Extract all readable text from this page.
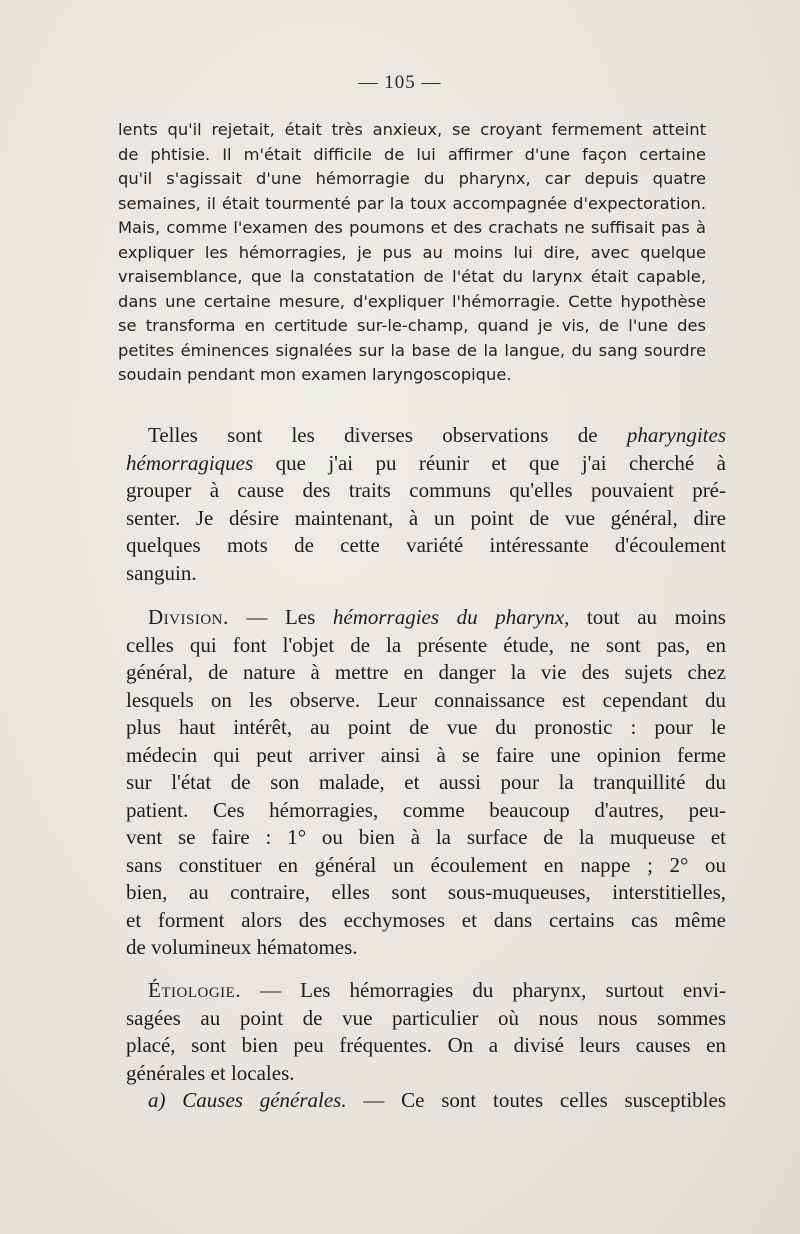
— 105 —
lents qu'il rejetait, était très anxieux, se croyant fermement atteint
de phtisie. Il m'était difficile de lui affirmer d'une façon certaine
qu'il s'agissait d'une hémorragie du pharynx, car depuis quatre
semaines, il était tourmenté par la toux accompagnée d'expectoration.
Mais, comme l'examen des poumons et des crachats ne suffisait pas à
expliquer les hémorragies, je pus au moins lui dire, avec quelque
vraisemblance, que la constatation de l'état du larynx était capable,
dans une certaine mesure, d'expliquer l'hémorragie. Cette hypothèse
se transforma en certitude sur-le-champ, quand je vis, de l'une des
petites éminences signalées sur la base de la langue, du sang sourdre
soudain pendant mon examen laryngoscopique.
Telles sont les diverses observations de pharyngites
hémorragiques que j'ai pu réunir et que j'ai cherché à
grouper à cause des traits communs qu'elles pouvaient pré-
senter. Je désire maintenant, à un point de vue général, dire
quelques mots de cette variété intéressante d'écoulement
sanguin.
Division. — Les hémorragies du pharynx, tout au moins
celles qui font l'objet de la présente étude, ne sont pas, en
général, de nature à mettre en danger la vie des sujets chez
lesquels on les observe. Leur connaissance est cependant du
plus haut intérêt, au point de vue du pronostic : pour le
médecin qui peut arriver ainsi à se faire une opinion ferme
sur l'état de son malade, et aussi pour la tranquillité du
patient. Ces hémorragies, comme beaucoup d'autres, peu-
vent se faire : 1° ou bien à la surface de la muqueuse et
sans constituer en général un écoulement en nappe ; 2° ou
bien, au contraire, elles sont sous-muqueuses, interstitielles,
et forment alors des ecchymoses et dans certains cas même
de volumineux hématomes.
Étiologie. — Les hémorragies du pharynx, surtout envi-
sagées au point de vue particulier où nous nous sommes
placé, sont bien peu fréquentes. On a divisé leurs causes en
générales et locales.
a) Causes générales. — Ce sont toutes celles susceptibles
